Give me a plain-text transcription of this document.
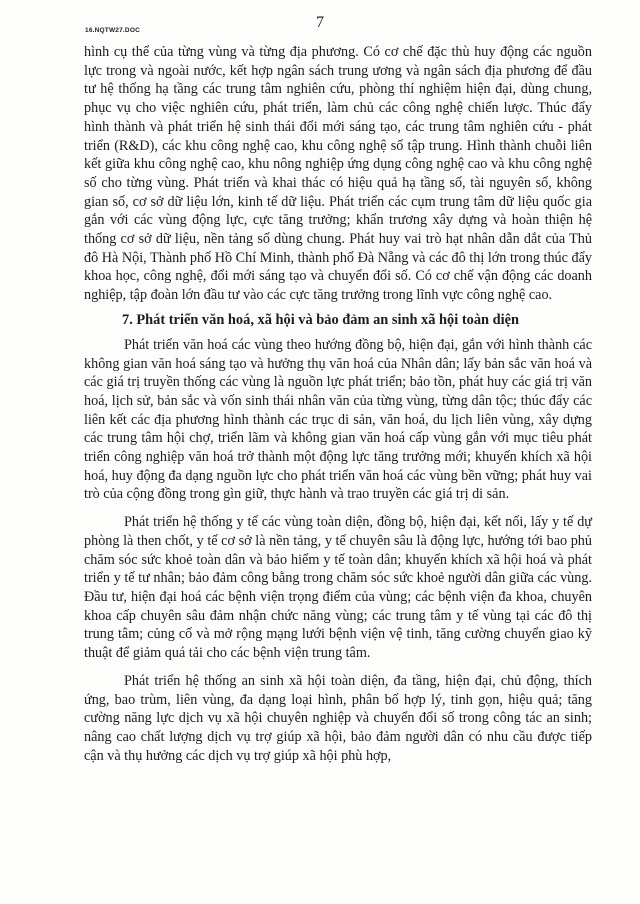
16.NQTW27.DOC	7

hình cụ thể của từng vùng và từng địa phương. Có cơ chế đặc thù huy động các nguồn lực trong và ngoài nước, kết hợp ngân sách trung ương và ngân sách địa phương để đầu tư hệ thống hạ tầng các trung tâm nghiên cứu, phòng thí nghiệm hiện đại, dùng chung, phục vụ cho việc nghiên cứu, phát triển, làm chủ các công nghệ chiến lược. Thúc đẩy hình thành và phát triển hệ sinh thái đổi mới sáng tạo, các trung tâm nghiên cứu - phát triển (R&D), các khu công nghệ cao, khu công nghệ số tập trung. Hình thành chuỗi liên kết giữa khu công nghệ cao, khu nông nghiệp ứng dụng công nghệ cao và khu công nghệ số cho từng vùng. Phát triển và khai thác có hiệu quả hạ tầng số, tài nguyên số, không gian số, cơ sở dữ liệu lớn, kinh tế dữ liệu. Phát triển các cụm trung tâm dữ liệu quốc gia gắn với các vùng động lực, cực tăng trưởng; khẩn trương xây dựng và hoàn thiện hệ thống cơ sở dữ liệu, nền tảng số dùng chung. Phát huy vai trò hạt nhân dẫn dắt của Thủ đô Hà Nội, Thành phố Hồ Chí Minh, thành phố Đà Nẵng và các đô thị lớn trong thúc đẩy khoa học, công nghệ, đổi mới sáng tạo và chuyển đổi số. Có cơ chế vận động các doanh nghiệp, tập đoàn lớn đầu tư vào các cực tăng trưởng trong lĩnh vực công nghệ cao.

7. Phát triển văn hoá, xã hội và bảo đảm an sinh xã hội toàn diện

Phát triển văn hoá các vùng theo hướng đồng bộ, hiện đại, gắn với hình thành các không gian văn hoá sáng tạo và hưởng thụ văn hoá của Nhân dân; lấy bản sắc văn hoá và các giá trị truyền thống các vùng là nguồn lực phát triển; bảo tồn, phát huy các giá trị văn hoá, lịch sử, bản sắc và vốn sinh thái nhân văn của từng vùng, từng dân tộc; thúc đẩy các liên kết các địa phương hình thành các trục di sản, văn hoá, du lịch liên vùng, xây dựng các trung tâm hội chợ, triển lãm và không gian văn hoá cấp vùng gắn với mục tiêu phát triển công nghiệp văn hoá trở thành một động lực tăng trưởng mới; khuyến khích xã hội hoá, huy động đa dạng nguồn lực cho phát triển văn hoá các vùng bền vững; phát huy vai trò của cộng đồng trong gìn giữ, thực hành và trao truyền các giá trị di sản.

Phát triển hệ thống y tế các vùng toàn diện, đồng bộ, hiện đại, kết nối, lấy y tế dự phòng là then chốt, y tế cơ sở là nền tảng, y tế chuyên sâu là động lực, hướng tới bao phủ chăm sóc sức khoẻ toàn dân và bảo hiểm y tế toàn dân; khuyến khích xã hội hoá và phát triển y tế tư nhân; bảo đảm công bằng trong chăm sóc sức khoẻ người dân giữa các vùng. Đầu tư, hiện đại hoá các bệnh viện trọng điểm của vùng; các bệnh viện đa khoa, chuyên khoa cấp chuyên sâu đảm nhận chức năng vùng; các trung tâm y tế vùng tại các đô thị trung tâm; củng cố và mở rộng mạng lưới bệnh viện vệ tinh, tăng cường chuyển giao kỹ thuật để giảm quá tải cho các bệnh viện trung tâm.

Phát triển hệ thống an sinh xã hội toàn diện, đa tầng, hiện đại, chủ động, thích ứng, bao trùm, liên vùng, đa dạng loại hình, phân bố hợp lý, tinh gọn, hiệu quả; tăng cường năng lực dịch vụ xã hội chuyên nghiệp và chuyển đổi số trong công tác an sinh; nâng cao chất lượng dịch vụ trợ giúp xã hội, bảo đảm người dân có nhu cầu được tiếp cận và thụ hưởng các dịch vụ trợ giúp xã hội phù hợp,
